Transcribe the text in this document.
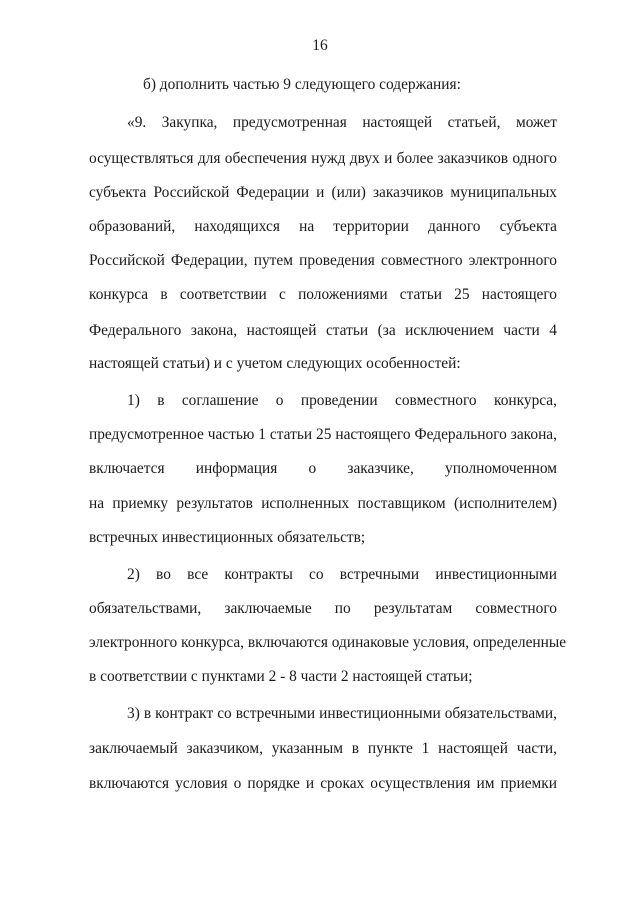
16
б) дополнить частью 9 следующего содержания:
«9. Закупка, предусмотренная настоящей статьей, может
осуществляться для обеспечения нужд двух и более заказчиков одного
субъекта Российской Федерации и (или) заказчиков муниципальных
образований, находящихся на территории данного субъекта
Российской Федерации, путем проведения совместного электронного
конкурса в соответствии с положениями статьи 25 настоящего
Федерального закона, настоящей статьи (за исключением части 4
настоящей статьи) и с учетом следующих особенностей:
1) в соглашение о проведении совместного конкурса,
предусмотренное частью 1 статьи 25 настоящего Федерального закона,
включается информация о заказчике, уполномоченном
на приемку результатов исполненных поставщиком (исполнителем)
встречных инвестиционных обязательств;
2) во все контракты со встречными инвестиционными
обязательствами, заключаемые по результатам совместного
электронного конкурса, включаются одинаковые условия, определенные
в соответствии с пунктами 2 - 8 части 2 настоящей статьи;
3) в контракт со встречными инвестиционными обязательствами,
заключаемый заказчиком, указанным в пункте 1 настоящей части,
включаются условия о порядке и сроках осуществления им приемки
